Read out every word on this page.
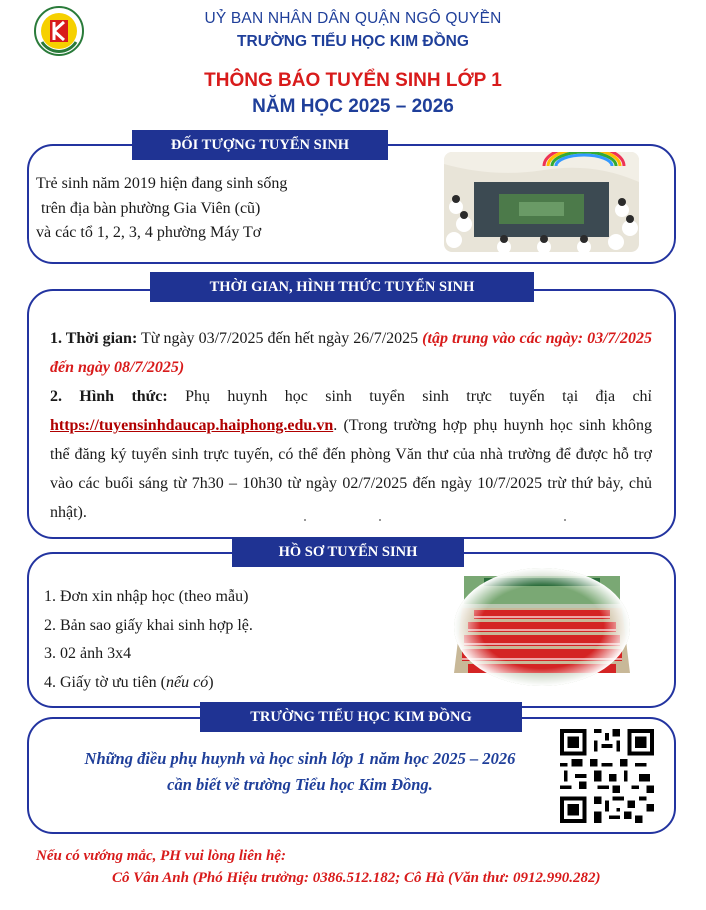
UỶ BAN NHÂN DÂN QUẬN NGÔ QUYỀN
TRƯỜNG TIỂU HỌC KIM ĐỒNG
THÔNG BÁO TUYỂN SINH LỚP 1
NĂM HỌC 2025 – 2026
ĐỐI TƯỢNG TUYỂN SINH
Trẻ sinh năm 2019 hiện đang sinh sống
trên địa bàn phường Gia Viên (cũ)
và các tổ 1, 2, 3, 4 phường Máy Tơ
THỜI GIAN, HÌNH THỨC TUYỂN SINH
1. Thời gian: Từ ngày 03/7/2025 đến hết ngày 26/7/2025 (tập trung vào các ngày: 03/7/2025 đến ngày 08/7/2025)
2. Hình thức: Phụ huynh học sinh tuyển sinh trực tuyến tại địa chỉ https://tuyensinhdaucap.haiphong.edu.vn. (Trong trường hợp phụ huynh học sinh không thể đăng ký tuyển sinh trực tuyến, có thể đến phòng Văn thư của nhà trường để được hỗ trợ vào các buổi sáng từ 7h30 – 10h30 từ ngày 02/7/2025 đến ngày 10/7/2025 trừ thứ bảy, chủ nhật).
HỒ SƠ TUYỂN SINH
1. Đơn xin nhập học (theo mẫu)
2. Bản sao giấy khai sinh hợp lệ.
3. 02 ảnh 3x4
4. Giấy tờ ưu tiên (nếu có)
TRƯỜNG TIỂU HỌC KIM ĐỒNG
Những điều phụ huynh và học sinh lớp 1 năm học 2025 – 2026
cần biết về trường Tiểu học Kim Đồng.
Nếu có vướng mắc, PH vui lòng liên hệ:
Cô Vân Anh (Phó Hiệu trưởng: 0386.512.182; Cô Hà (Văn thư: 0912.990.282)
